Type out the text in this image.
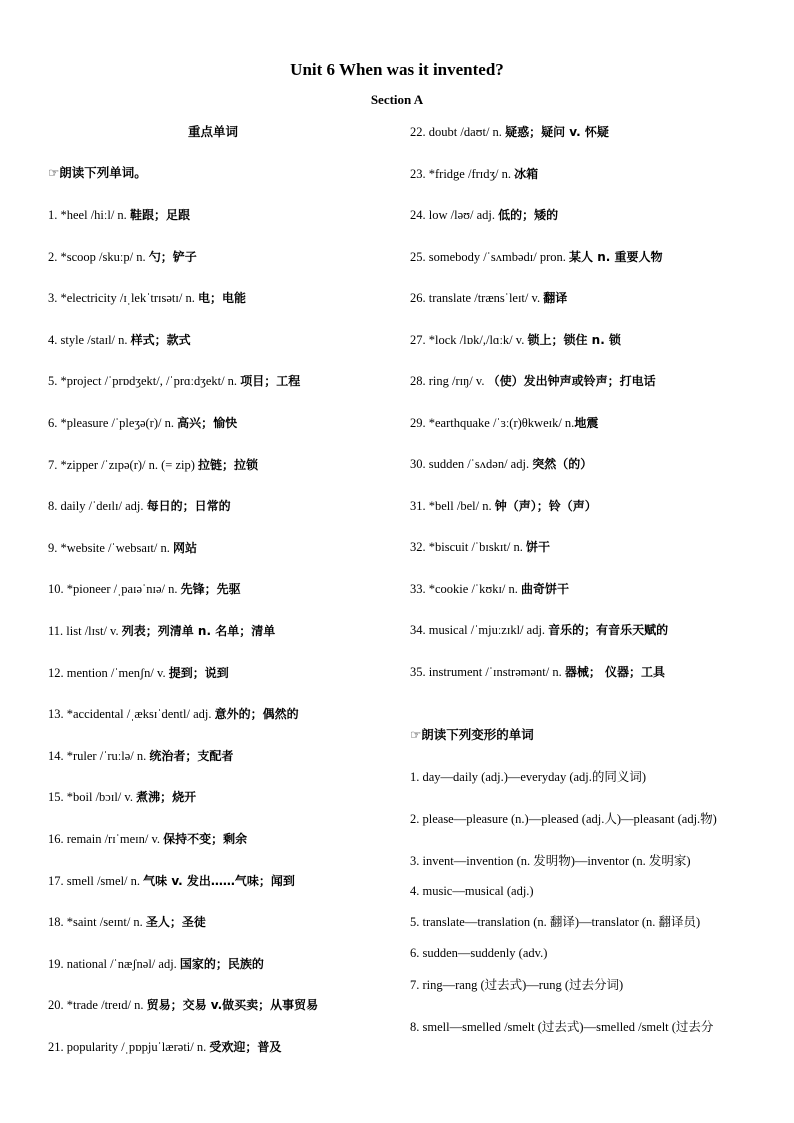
Unit 6 When was it invented?
Section A
重点单词
☞朗读下列单词。
1. *heel /hiːl/ n. 鞋跟；足跟
2. *scoop /skuːp/ n. 勺；铲子
3. *electricity /ɪˌlekˈtrɪsətɪ/ n. 电；电能
4. style /staɪl/ n. 样式；款式
5. *project /ˈprɒdʒekt/, /ˈprɑːdʒekt/ n. 项目；工程
6. *pleasure /ˈpleʒə(r)/ n. 高兴；愉快
7. *zipper /ˈzɪpə(r)/ n. (= zip) 拉链；拉锁
8. daily /ˈdeɪlɪ/ adj. 每日的；日常的
9. *website /ˈwebsaɪt/ n. 网站
10. *pioneer /ˌpaɪəˈnɪə/ n. 先锋；先驱
11. list /lɪst/ v. 列表；列清单 n. 名单；清单
12. mention /ˈmenʃn/ v. 提到；说到
13. *accidental /ˌæksɪˈdentl/ adj. 意外的；偶然的
14. *ruler /ˈruːlə/ n. 统治者；支配者
15. *boil /bɔɪl/ v. 煮沸；烧开
16. remain /rɪˈmeɪn/ v. 保持不变；剩余
17. smell /smel/ n. 气味 v. 发出……气味；闻到
18. *saint /seɪnt/ n. 圣人；圣徒
19. national /ˈnæʃnəl/ adj. 国家的；民族的
20. *trade /treɪd/ n. 贸易；交易 v.做买卖；从事贸易
21. popularity /ˌpɒpjuˈlærəti/ n. 受欢迎；普及
22. doubt /daʊt/ n. 疑惑；疑问 v. 怀疑
23. *fridge /frɪdʒ/ n. 冰箱
24. low /ləʊ/ adj. 低的；矮的
25. somebody /ˈsʌmbədɪ/ pron. 某人 n. 重要人物
26. translate /trænsˈleɪt/ v. 翻译
27. *lock /lɒk/,/lɑːk/ v. 锁上；锁住 n. 锁
28. ring /rɪŋ/ v. （使）发出钟声或铃声；打电话
29. *earthquake /ˈɜː(r)θkweɪk/ n.地震
30. sudden /ˈsʌdən/ adj. 突然（的）
31. *bell /bel/ n. 钟（声）；铃（声）
32. *biscuit /ˈbɪskɪt/ n. 饼干
33. *cookie /ˈkʊkɪ/ n. 曲奇饼干
34. musical /ˈmjuːzɪkl/ adj. 音乐的；有音乐天赋的
35. instrument /ˈɪnstrəmənt/ n. 器械； 仪器；工具
☞朗读下列变形的单词
1. day—daily (adj.)—everyday (adj.的同义词)
2. please—pleasure (n.)—pleased (adj.人)—pleasant (adj.物)
3. invent—invention (n. 发明物)—inventor (n. 发明家)
4. music—musical (adj.)
5. translate—translation (n. 翻译)—translator (n. 翻译员)
6. sudden—suddenly (adv.)
7. ring—rang (过去式)—rung (过去分词)
8. smell—smelled /smelt (过去式)—smelled /smelt (过去分
